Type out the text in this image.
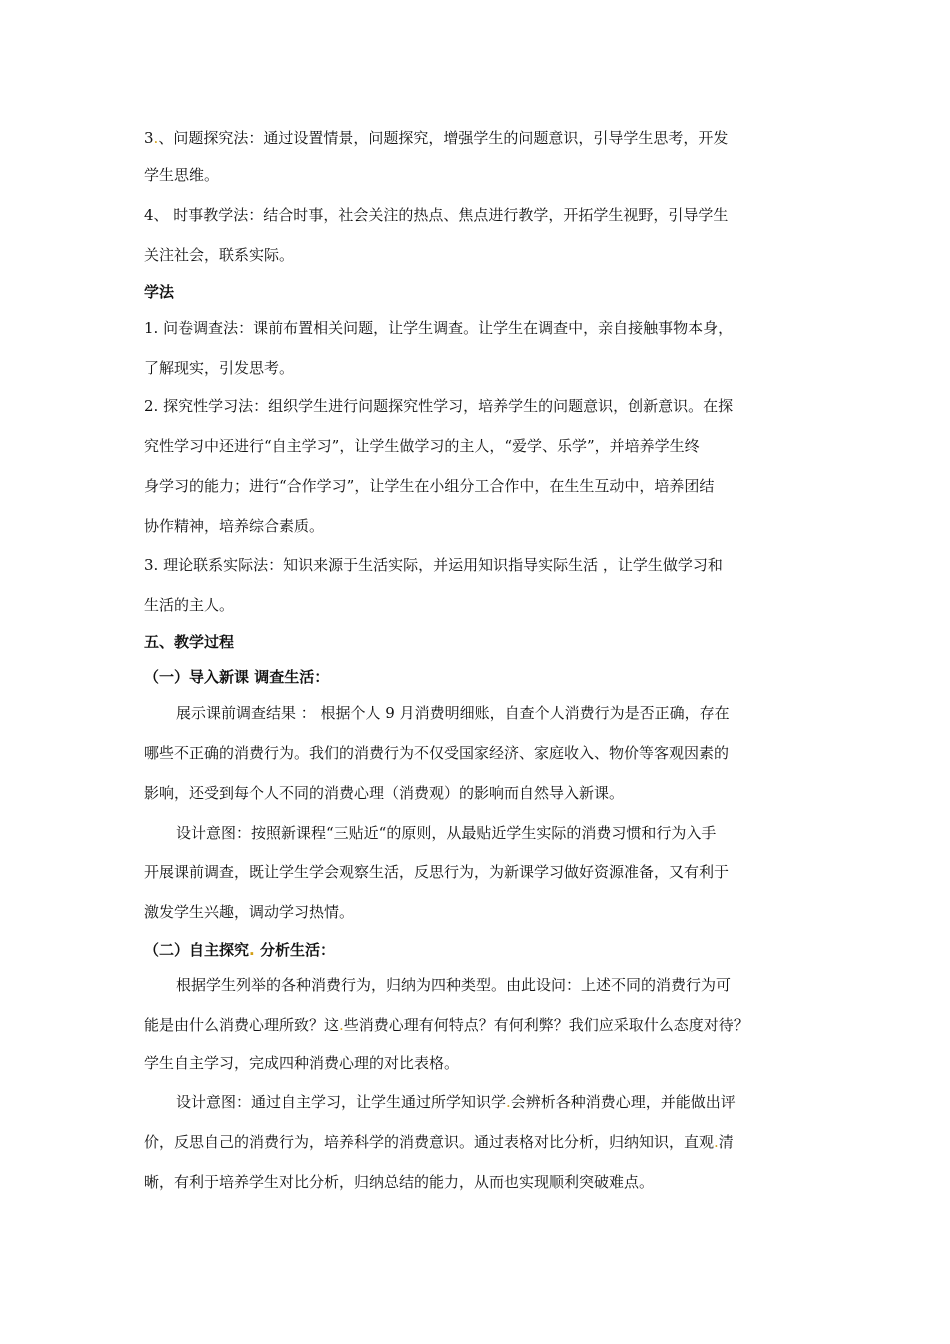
3.、问题探究法：通过设置情景，问题探究，增强学生的问题意识，引导学生思考，开发
学生思维。
4、 时事教学法：结合时事，社会关注的热点、焦点进行教学，开拓学生视野，引导学生
关注社会，联系实际。
学法
1. 问卷调查法：课前布置相关问题，让学生调查。让学生在调查中，亲自接触事物本身，
了解现实，引发思考。
2. 探究性学习法：组织学生进行问题探究性学习，培养学生的问题意识，创新意识。在探
究性学习中还进行“自主学习”，让学生做学习的主人，“爱学、乐学”，并培养学生终
身学习的能力；进行“合作学习”，让学生在小组分工合作中，在生生互动中，培养团结
协作精神，培养综合素质。
3. 理论联系实际法：知识来源于生活实际，并运用知识指导实际生活 ，让学生做学习和
生活的主人。
五、教学过程
（一）导入新课 调查生活：
展示课前调查结果 ： 根据个人 9 月消费明细账，自查个人消费行为是否正确，存在
哪些不正确的消费行为。我们的消费行为不仅受国家经济、家庭收入、物价等客观因素的
影响，还受到每个人不同的消费心理（消费观）的影响而自然导入新课。
设计意图：按照新课程“三贴近“的原则，从最贴近学生实际的消费习惯和行为入手
开展课前调查，既让学生学会观察生活，反思行为，为新课学习做好资源准备，又有利于
激发学生兴趣，调动学习热情。
（二）自主探究. 分析生活：
根据学生列举的各种消费行为，归纳为四种类型。由此设问：上述不同的消费行为可
能是由什么消费心理所致？这.些消费心理有何特点？有何利弊？我们应采取什么态度对待？
学生自主学习，完成四种消费心理的对比表格。
设计意图：通过自主学习，让学生通过所学知识学.会辨析各种消费心理，并能做出评
价，反思自己的消费行为，培养科学的消费意识。通过表格对比分析，归纳知识，直观.清
晰，有利于培养学生对比分析，归纳总结的能力，从而也实现顺利突破难点。
